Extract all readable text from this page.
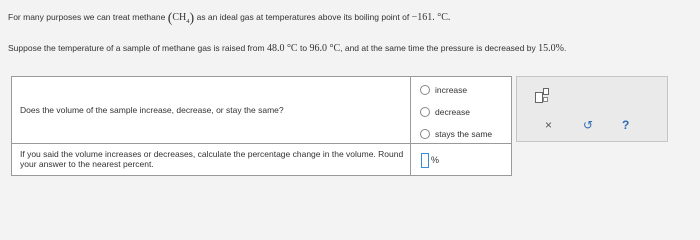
For many purposes we can treat methane $(CH_4)$ as an ideal gas at temperatures above its boiling point of −161. °C.
Suppose the temperature of a sample of methane gas is raised from 48.0 °C to 96.0 °C, and at the same time the pressure is decreased by 15.0%.
Does the volume of the sample increase, decrease, or stay the same?
increase
decrease
stays the same
If you said the volume increases or decreases, calculate the percentage change in the volume. Round your answer to the nearest percent.	%
×	↺ ?
